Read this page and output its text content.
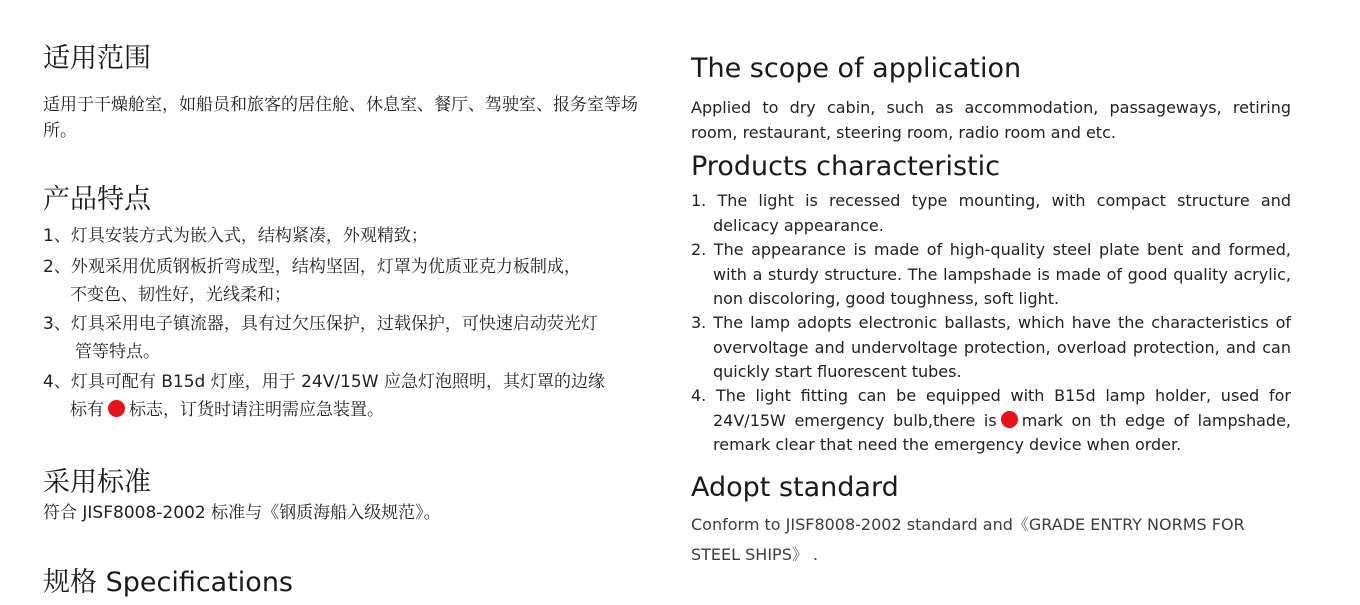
适用范围

适用于干燥舱室，如船员和旅客的居住舱、休息室、餐厅、驾驶室、报务室等场所。

产品特点
1、灯具安装方式为嵌入式，结构紧凑，外观精致；
2、外观采用优质钢板折弯成型，结构坚固，灯罩为优质亚克力板制成，
不变色、韧性好，光线柔和；
3、灯具采用电子镇流器，具有过欠压保护，过载保护，可快速启动荧光灯
管等特点。
4、灯具可配有 B15d 灯座，用于 24V/15W 应急灯泡照明，其灯罩的边缘
标有 标志，订货时请注明需应急装置。
采用标准

符合 JISF8008-2002 标准与《钢质海船入级规范》。

规格 Specifications
The scope of application

Applied to dry cabin, such as accommodation, passageways, retiring room, restaurant, steering room, radio room and etc.

Products characteristic

1. The light is recessed type mounting, with compact structure and delicacy appearance.

2. The appearance is made of high-quality steel plate bent and formed, with a sturdy structure. The lampshade is made of good quality acrylic, non discoloring, good toughness, soft light.

3. The lamp adopts electronic ballasts, which have the characteristics of overvoltage and undervoltage protection, overload protection, and can quickly start fluorescent tubes.

4. The light fitting can be equipped with B15d lamp holder, used for 24V/15W emergency bulb,there is mark on th edge of lampshade, remark clear that need the emergency device when order.

Adopt standard

Conform to JISF8008-2002 standard and《GRADE ENTRY NORMS FOR STEEL SHIPS》 .
